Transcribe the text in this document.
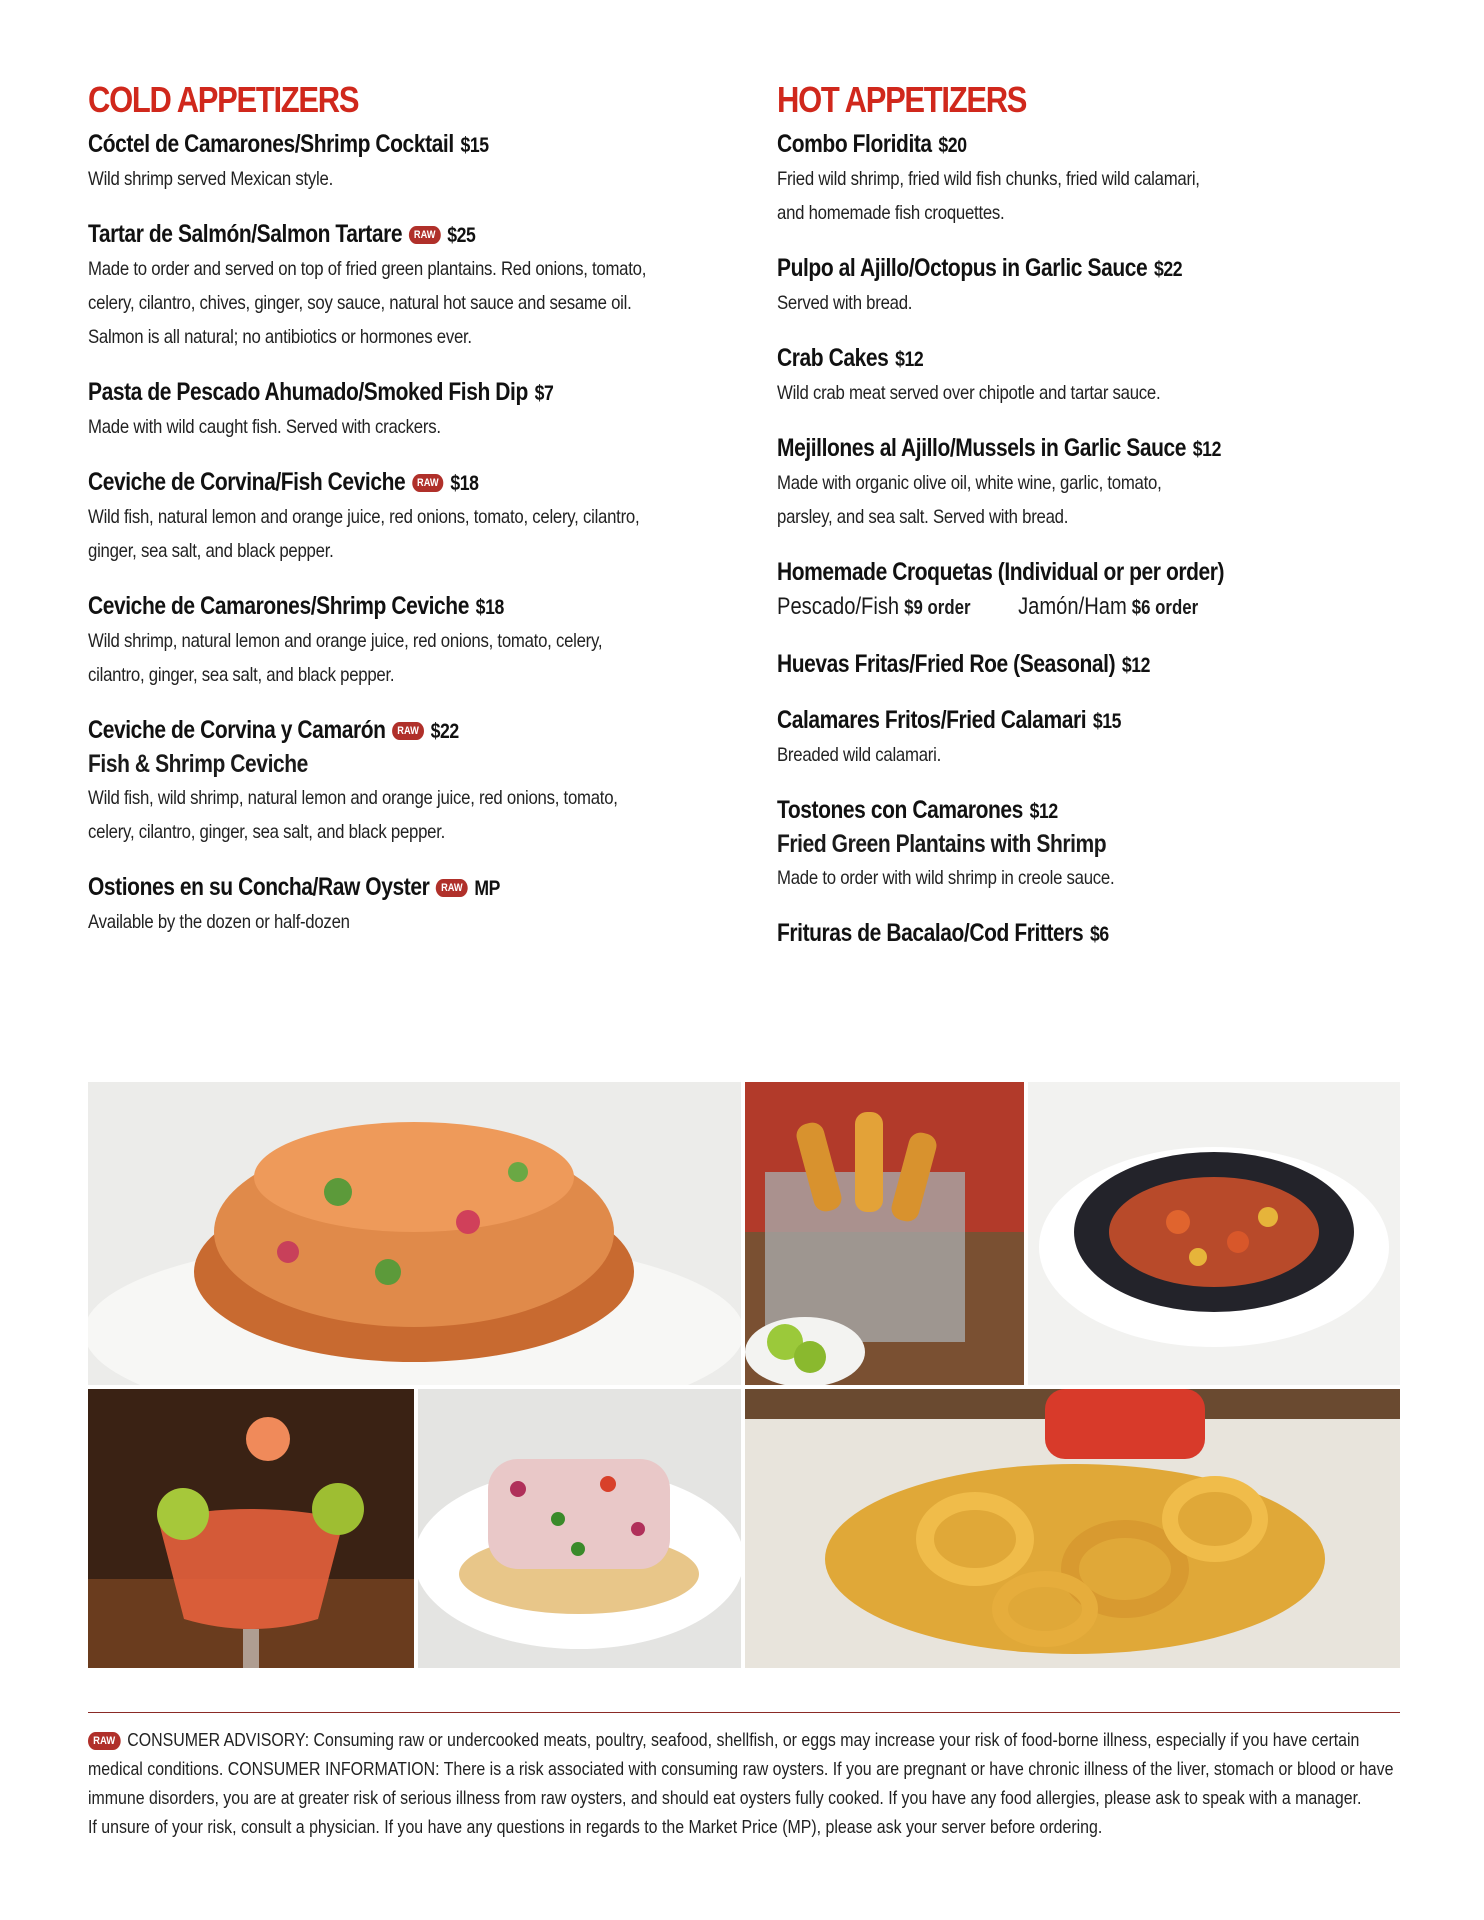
COLD APPETIZERS
Cóctel de Camarones/Shrimp Cocktail $15
Wild shrimp served Mexican style.
Tartar de Salmón/Salmon Tartare RAW $25
Made to order and served on top of fried green plantains. Red onions, tomato,
celery, cilantro, chives, ginger, soy sauce, natural hot sauce and sesame oil.
Salmon is all natural; no antibiotics or hormones ever.
Pasta de Pescado Ahumado/Smoked Fish Dip $7
Made with wild caught fish. Served with crackers.
Ceviche de Corvina/Fish Ceviche RAW $18
Wild fish, natural lemon and orange juice, red onions, tomato, celery, cilantro,
ginger, sea salt, and black pepper.
Ceviche de Camarones/Shrimp Ceviche $18
Wild shrimp, natural lemon and orange juice, red onions, tomato, celery,
cilantro, ginger, sea salt, and black pepper.
Ceviche de Corvina y Camarón RAW $22
Fish & Shrimp Ceviche
Wild fish, wild shrimp, natural lemon and orange juice, red onions, tomato,
celery, cilantro, ginger, sea salt, and black pepper.
Ostiones en su Concha/Raw Oyster RAW MP
Available by the dozen or half-dozen
HOT APPETIZERS
Combo Floridita $20
Fried wild shrimp, fried wild fish chunks, fried wild calamari,
and homemade fish croquettes.
Pulpo al Ajillo/Octopus in Garlic Sauce $22
Served with bread.
Crab Cakes $12
Wild crab meat served over chipotle and tartar sauce.
Mejillones al Ajillo/Mussels in Garlic Sauce $12
Made with organic olive oil, white wine, garlic, tomato,
parsley, and sea salt. Served with bread.
Homemade Croquetas (Individual or per order)
Pescado/Fish $9 order Jamón/Ham $6 order
Huevas Fritas/Fried Roe (Seasonal) $12
Calamares Fritos/Fried Calamari $15
Breaded wild calamari.
Tostones con Camarones $12
Fried Green Plantains with Shrimp
Made to order with wild shrimp in creole sauce.
Frituras de Bacalao/Cod Fritters $6
RAW CONSUMER ADVISORY: Consuming raw or undercooked meats, poultry, seafood, shellfish, or eggs may increase your risk of food-borne illness, especially if you have certain
medical conditions. CONSUMER INFORMATION: There is a risk associated with consuming raw oysters. If you are pregnant or have chronic illness of the liver, stomach or blood or have
immune disorders, you are at greater risk of serious illness from raw oysters, and should eat oysters fully cooked. If you have any food allergies, please ask to speak with a manager.
If unsure of your risk, consult a physician. If you have any questions in regards to the Market Price (MP), please ask your server before ordering.
